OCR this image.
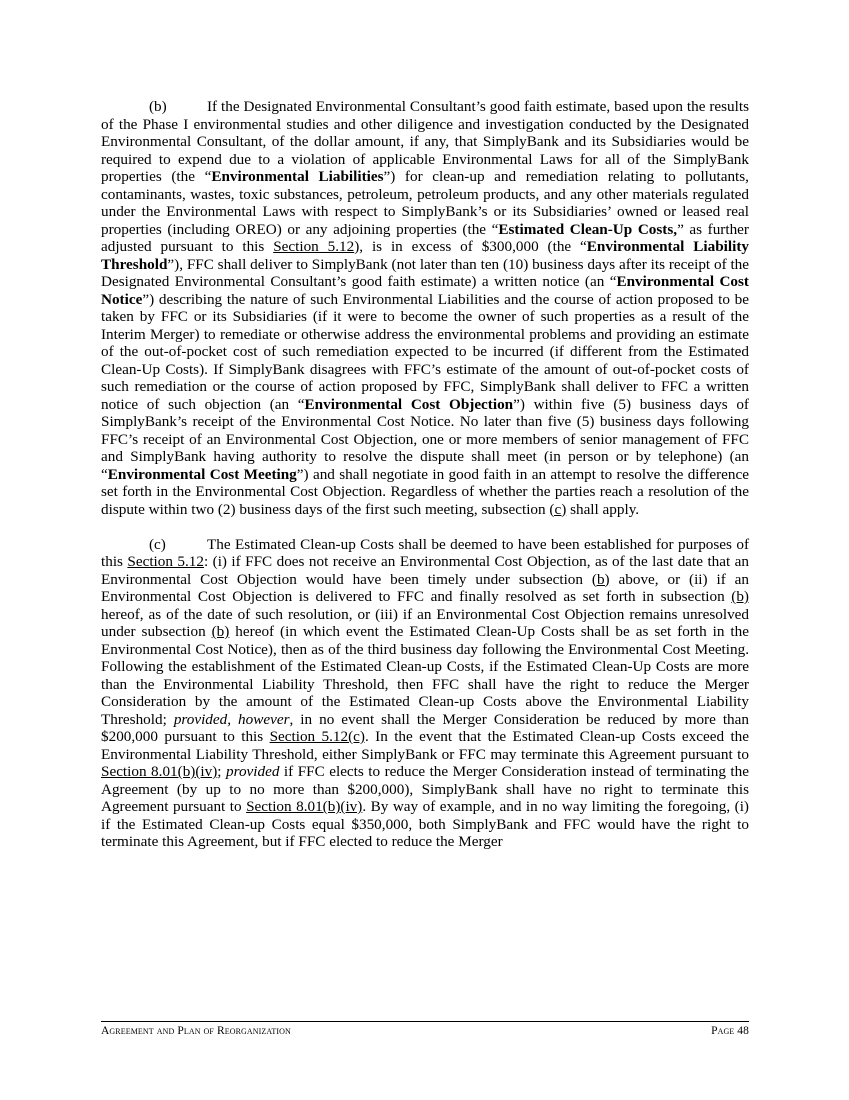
(b)	If the Designated Environmental Consultant’s good faith estimate, based upon the results of the Phase I environmental studies and other diligence and investigation conducted by the Designated Environmental Consultant, of the dollar amount, if any, that SimplyBank and its Subsidiaries would be required to expend due to a violation of applicable Environmental Laws for all of the SimplyBank properties (the “Environmental Liabilities”) for clean-up and remediation relating to pollutants, contaminants, wastes, toxic substances, petroleum, petroleum products, and any other materials regulated under the Environmental Laws with respect to SimplyBank’s or its Subsidiaries’ owned or leased real properties (including OREO) or any adjoining properties (the “Estimated Clean-Up Costs,” as further adjusted pursuant to this Section 5.12), is in excess of $300,000 (the “Environmental Liability Threshold”), FFC shall deliver to SimplyBank (not later than ten (10) business days after its receipt of the Designated Environmental Consultant’s good faith estimate) a written notice (an “Environmental Cost Notice”) describing the nature of such Environmental Liabilities and the course of action proposed to be taken by FFC or its Subsidiaries (if it were to become the owner of such properties as a result of the Interim Merger) to remediate or otherwise address the environmental problems and providing an estimate of the out-of-pocket cost of such remediation expected to be incurred (if different from the Estimated Clean-Up Costs). If SimplyBank disagrees with FFC’s estimate of the amount of out-of-pocket costs of such remediation or the course of action proposed by FFC, SimplyBank shall deliver to FFC a written notice of such objection (an “Environmental Cost Objection”) within five (5) business days of SimplyBank’s receipt of the Environmental Cost Notice. No later than five (5) business days following FFC’s receipt of an Environmental Cost Objection, one or more members of senior management of FFC and SimplyBank having authority to resolve the dispute shall meet (in person or by telephone) (an “Environmental Cost Meeting”) and shall negotiate in good faith in an attempt to resolve the difference set forth in the Environmental Cost Objection. Regardless of whether the parties reach a resolution of the dispute within two (2) business days of the first such meeting, subsection (c) shall apply.

(c)	The Estimated Clean-up Costs shall be deemed to have been established for purposes of this Section 5.12: (i) if FFC does not receive an Environmental Cost Objection, as of the last date that an Environmental Cost Objection would have been timely under subsection (b) above, or (ii) if an Environmental Cost Objection is delivered to FFC and finally resolved as set forth in subsection (b) hereof, as of the date of such resolution, or (iii) if an Environmental Cost Objection remains unresolved under subsection (b) hereof (in which event the Estimated Clean-Up Costs shall be as set forth in the Environmental Cost Notice), then as of the third business day following the Environmental Cost Meeting. Following the establishment of the Estimated Clean-up Costs, if the Estimated Clean-Up Costs are more than the Environmental Liability Threshold, then FFC shall have the right to reduce the Merger Consideration by the amount of the Estimated Clean-up Costs above the Environmental Liability Threshold; provided, however, in no event shall the Merger Consideration be reduced by more than $200,000 pursuant to this Section 5.12(c). In the event that the Estimated Clean-up Costs exceed the Environmental Liability Threshold, either SimplyBank or FFC may terminate this Agreement pursuant to Section 8.01(b)(iv); provided if FFC elects to reduce the Merger Consideration instead of terminating the Agreement (by up to no more than $200,000), SimplyBank shall have no right to terminate this Agreement pursuant to Section 8.01(b)(iv). By way of example, and in no way limiting the foregoing, (i) if the Estimated Clean-up Costs equal $350,000, both SimplyBank and FFC would have the right to terminate this Agreement, but if FFC elected to reduce the Merger

Agreement and Plan of Reorganization	Page 48
